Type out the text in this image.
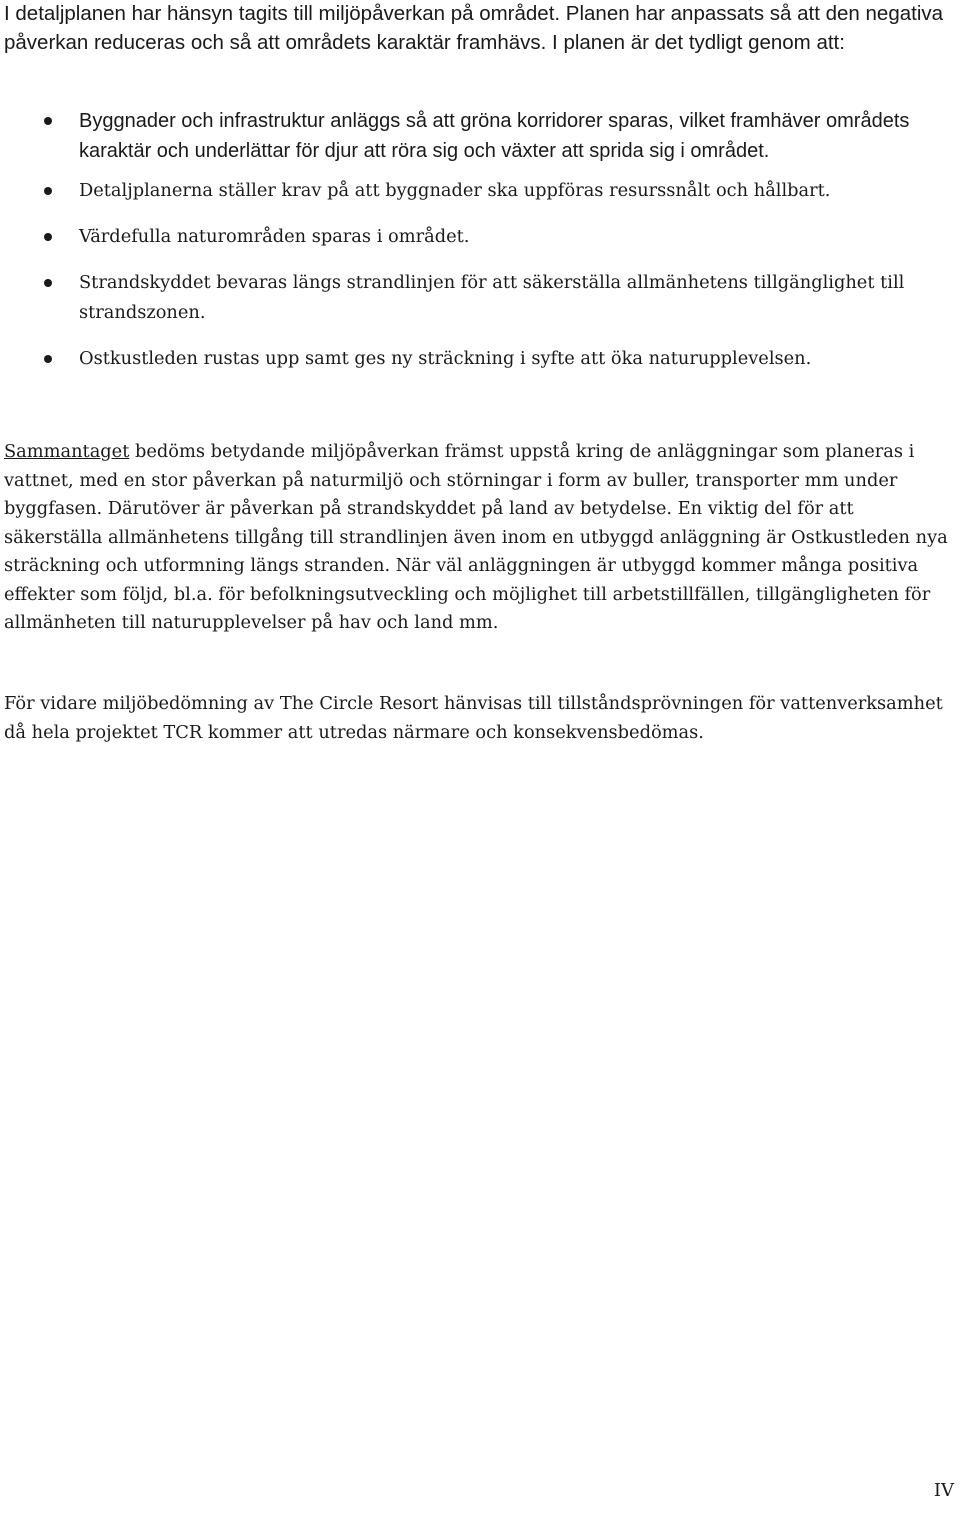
I detaljplanen har hänsyn tagits till miljöpåverkan på området. Planen har anpassats så att den negativa påverkan reduceras och så att områdets karaktär framhävs. I planen är det tydligt genom att:

Byggnader och infrastruktur anläggs så att gröna korridorer sparas, vilket framhäver områdets karaktär och underlättar för djur att röra sig och växter att sprida sig i området.
Detaljplanerna ställer krav på att byggnader ska uppföras resurssnålt och hållbart.
Värdefulla naturområden sparas i området.
Strandskyddet bevaras längs strandlinjen för att säkerställa allmänhetens tillgänglighet till strandszonen.
Ostkustleden rustas upp samt ges ny sträckning i syfte att öka naturupplevelsen.

Sammantaget bedöms betydande miljöpåverkan främst uppstå kring de anläggningar som planeras i vattnet, med en stor påverkan på naturmiljö och störningar i form av buller, transporter mm under byggfasen. Därutöver är påverkan på strandskyddet på land av betydelse. En viktig del för att säkerställa allmänhetens tillgång till strandlinjen även inom en utbyggd anläggning är Ostkustleden nya sträckning och utformning längs stranden. När väl anläggningen är utbyggd kommer många positiva effekter som följd, bl.a. för befolkningsutveckling och möjlighet till arbetstillfällen, tillgängligheten för allmänheten till naturupplevelser på hav och land mm.

För vidare miljöbedömning av The Circle Resort hänvisas till tillståndsprövningen för vattenverksamhet då hela projektet TCR kommer att utredas närmare och konsekvensbedömas.

IV
